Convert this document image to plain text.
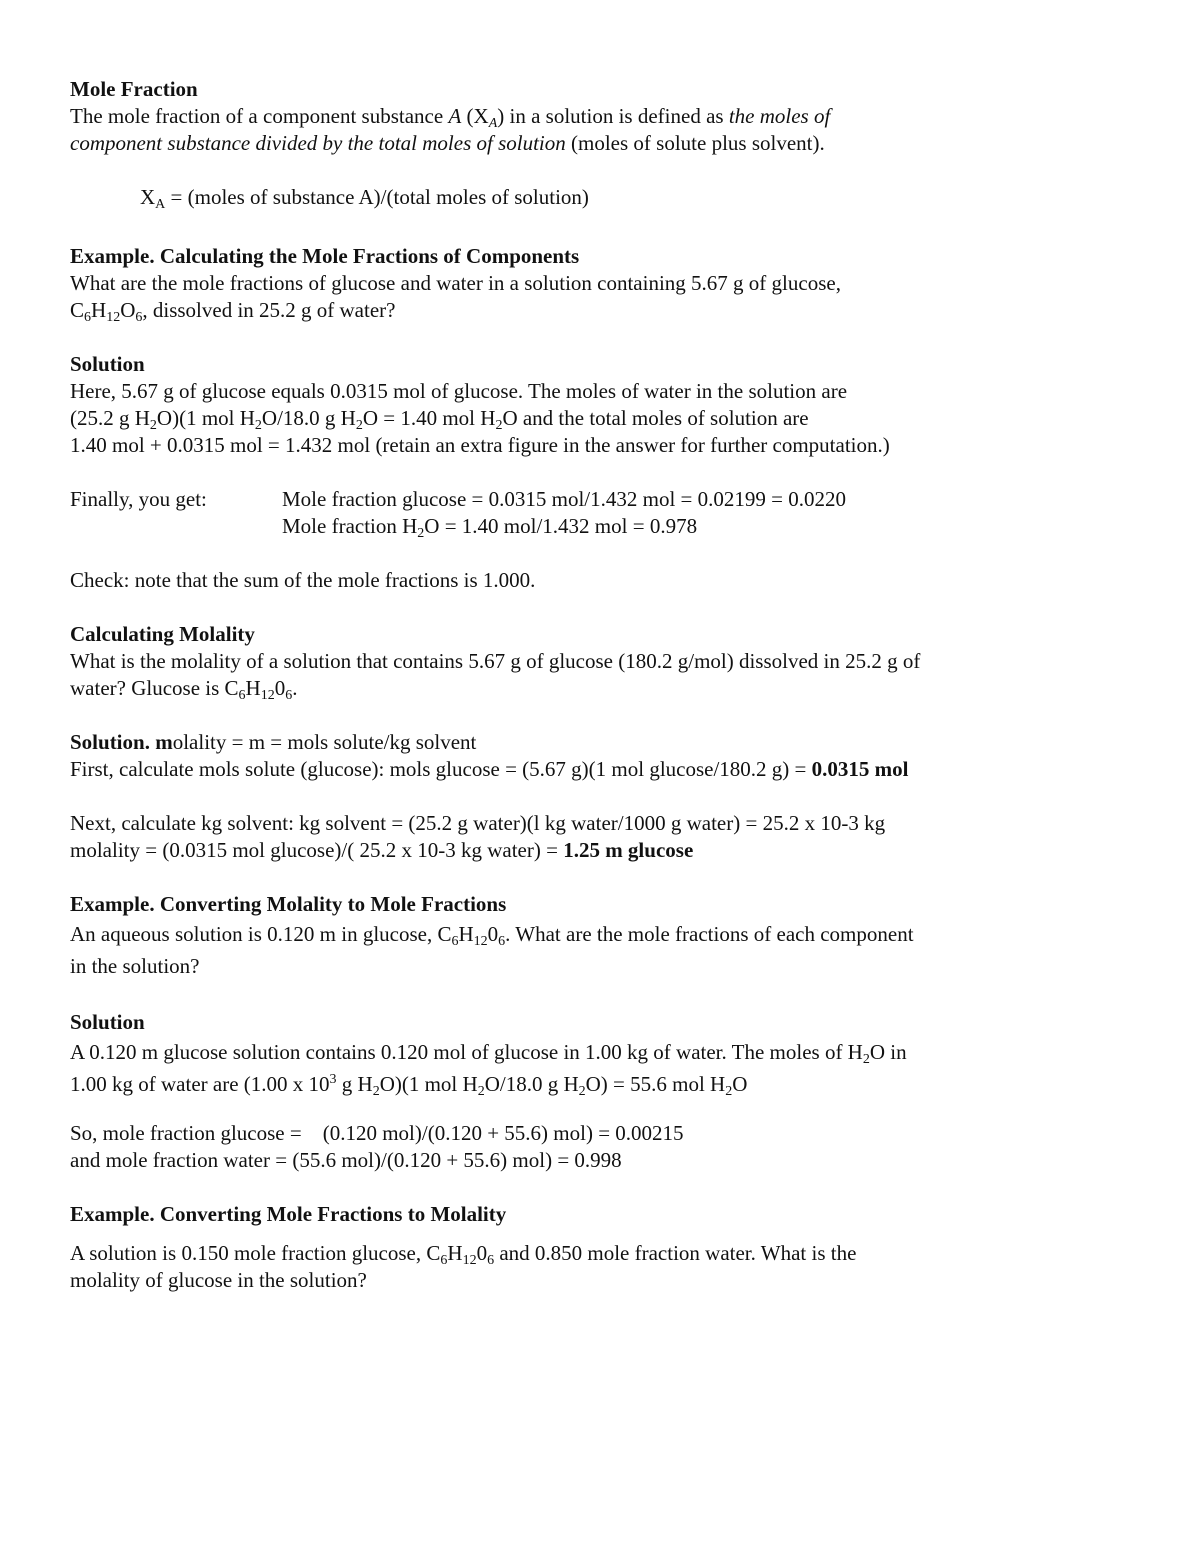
Mole Fraction

The mole fraction of a component substance A $(X_A)$ in a solution is defined as the moles of

component substance divided by the total moles of solution (moles of solute plus solvent).

$X_A$ = (moles of substance A)/(total moles of solution)

Example. Calculating the Mole Fractions of Components

What are the mole fractions of glucose and water in a solution containing 5.67 g of glucose,

$C_6H_{12}O_6$, dissolved in 25.2 g of water?

Solution

Here, 5.67 g of glucose equals 0.0315 mol of glucose. The moles of water in the solution are

(25.2 g $H_2O)(1$ mol $H_2O/18.0$ g $H_2O = 1.40$ mol $H_2O$ and the total moles of solution are

1.40 mol + 0.0315 mol = 1.432 mol (retain an extra figure in the answer for further computation.)

Finally, you get:	Mole fraction glucose = 0.0315 mol/1.432 mol = 0.02199 = 0.0220
Mole fraction $H_2O = 1.40$ mol/1.432 mol = 0.978

Check: note that the sum of the mole fractions is 1.000.

Calculating Molality

What is the molality of a solution that contains 5.67 g of glucose (180.2 g/mol) dissolved in 25.2 g of

water? Glucose is $C_6H_{12}0_6$.

Solution. molality = m = mols solute/kg solvent

First, calculate mols solute (glucose): mols glucose = (5.67 g)(1 mol glucose/180.2 g) = 0.0315 mol

Next, calculate kg solvent: kg solvent = (25.2 g water)(l kg water/1000 g water) = 25.2 x 10-3 kg

molality = (0.0315 mol glucose)/( 25.2 x 10-3 kg water) = 1.25 m glucose

Example. Converting Molality to Mole Fractions

An aqueous solution is 0.120 m in glucose, $C_6H_{12}0_6$. What are the mole fractions of each component

in the solution?

Solution

A 0.120 m glucose solution contains 0.120 mol of glucose in 1.00 kg of water. The moles of $H_2O$ in

1.00 kg of water are (1.00 x $10^3$ g $H_2O)(1$ mol $H_2O/18.0$ g $H_2O) = 55.6$ mol $H_2O$

So, mole fraction glucose =    (0.120 mol)/(0.120 + 55.6) mol) = 0.00215

and mole fraction water = (55.6 mol)/(0.120 + 55.6) mol) = 0.998

Example. Converting Mole Fractions to Molality

A solution is 0.150 mole fraction glucose, $C_6H_{12}0_6$ and 0.850 mole fraction water. What is the

molality of glucose in the solution?
